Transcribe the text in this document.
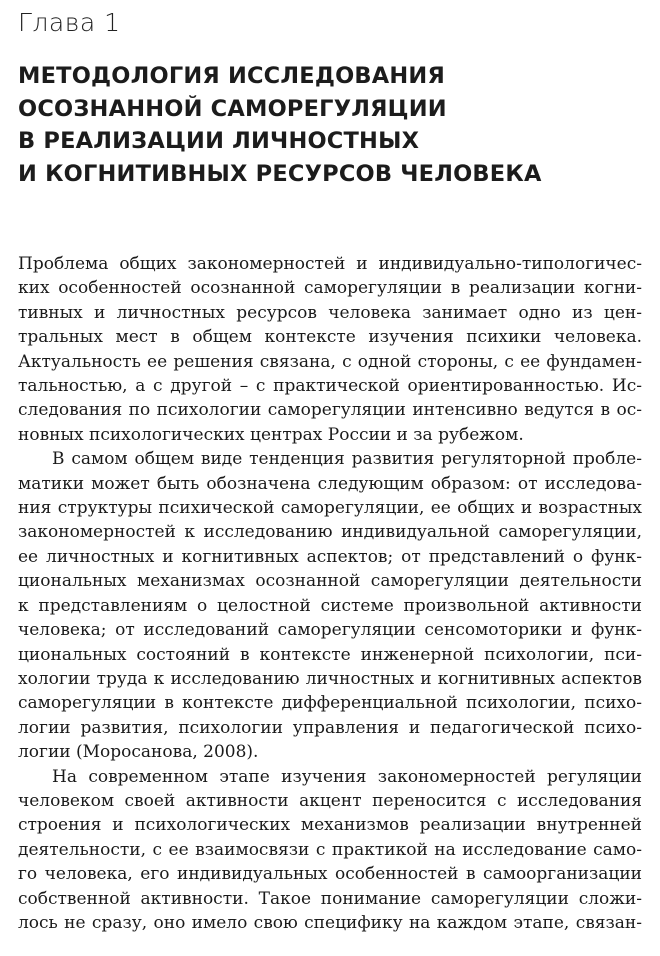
Глава 1
МЕТОДОЛОГИЯ ИССЛЕДОВАНИЯ
ОСОЗНАННОЙ САМОРЕГУЛЯЦИИ
В РЕАЛИЗАЦИИ ЛИЧНОСТНЫХ
И КОГНИТИВНЫХ РЕСУРСОВ ЧЕЛОВЕКА
Проблема общих закономерностей и индивидуально-типологичес-
ких особенностей осознанной саморегуляции в реализации когни-
тивных и личностных ресурсов человека занимает одно из цен-
тральных мест в общем контексте изучения психики человека.
Актуальность ее решения связана, с одной стороны, с ее фундамен-
тальностью, а с другой – с практической ориентированностью. Ис-
следования по психологии саморегуляции интенсивно ведутся в ос-
новных психологических центрах России и за рубежом.
В самом общем виде тенденция развития регуляторной пробле-
матики может быть обозначена следующим образом: от исследова-
ния структуры психической саморегуляции, ее общих и возрастных
закономерностей к исследованию индивидуальной саморегуляции,
ее личностных и когнитивных аспектов; от представлений о функ-
циональных механизмах осознанной саморегуляции деятельности
к представлениям о целостной системе произвольной активности
человека; от исследований саморегуляции сенсомоторики и функ-
циональных состояний в контексте инженерной психологии, пси-
хологии труда к исследованию личностных и когнитивных аспектов
саморегуляции в контексте дифференциальной психологии, психо-
логии развития, психологии управления и педагогической психо-
логии (Моросанова, 2008).
На современном этапе изучения закономерностей регуляции
человеком своей активности акцент переносится с исследования
строения и психологических механизмов реализации внутренней
деятельности, с ее взаимосвязи с практикой на исследование само-
го человека, его индивидуальных особенностей в самоорганизации
собственной активности. Такое понимание саморегуляции сложи-
лось не сразу, оно имело свою специфику на каждом этапе, связан-
